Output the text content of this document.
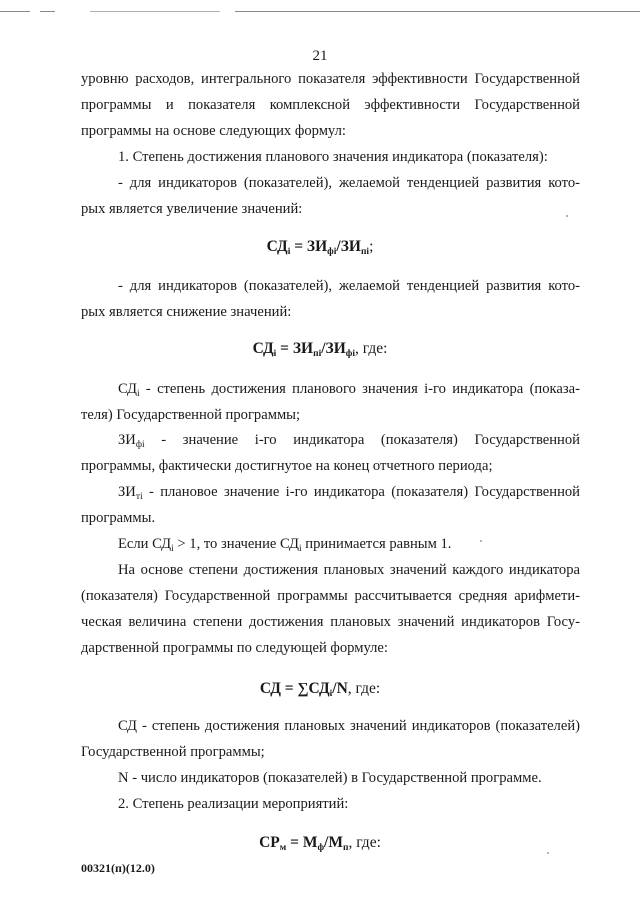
21

уровню расходов, интегрального показателя эффективности Государственной

программы и показателя комплексной эффективности Государственной

программы на основе следующих формул:

1. Степень достижения планового значения индикатора (показателя):

- для индикаторов (показателей), желаемой тенденцией развития кото-

рых является увеличение значений:

$СД_i = ЗИ_{фi}/ЗИ_{пi}$;

- для индикаторов (показателей), желаемой тенденцией развития кото-

рых является снижение значений:

$СД_i = ЗИ_{пi}/ЗИ_{фi}$, где:

$СД_i$ - степень достижения планового значения i-го индикатора (показа-

теля) Государственной программы;

$ЗИ_{фi}$ - значение i-го индикатора (показателя) Государственной

программы, фактически достигнутое на конец отчетного периода;

$ЗИ_{тi}$ - плановое значение i-го индикатора (показателя) Государственной

программы.

Если $СД_i > 1$, то значение $СД_i$ принимается равным 1.

На основе степени достижения плановых значений каждого индикатора

(показателя) Государственной программы рассчитывается средняя арифмети-

ческая величина степени достижения плановых значений индикаторов Госу-

дарственной программы по следующей формуле:

СД = $\sum СД_i/N$, где:

СД - степень достижения плановых значений индикаторов (показателей)

Государственной программы;

N - число индикаторов (показателей) в Государственной программе.

2. Степень реализации мероприятий:

$СР_м = М_ф/М_п$, где:
00321(п)(12.0)
